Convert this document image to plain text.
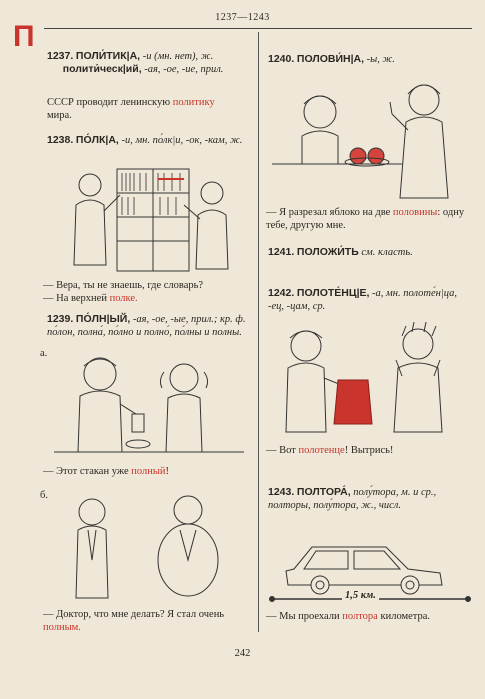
П
1237—1243
1237. ПОЛИ́ТИК|А, -и (мн. нет), ж.
полити́ческ|ий, -ая, -ое, -ие, прил.
СССР проводит ленинскую политику
мира.
1238. ПО́ЛК|А, -и, мн. по́лк|и, -ок, -кам, ж.
— Вера, ты не знаешь, где словарь?
— На верхней полке.
1239. ПО́ЛН|ЫЙ, -ая, -ое, -ые, прил.; кр. ф. по́лон, полна́, по́лно и полно́, по́лны и полны.
а.
— Этот стакан уже полный!
б.
— Доктор, что мне делать? Я стал очень полным.
1240. ПОЛОВИ́Н|А, -ы, ж.
— Я разрезал яблоко на две половины: одну тебе, другую мне.
1241. ПОЛОЖИ́ТЬ см. класть.
1242. ПОЛОТЕ́НЦ|Е, -а, мн. полоте́н|ца, -ец, -цам, ср.
— Вот полотенце! Вытрись!
1243. ПОЛТОРА́, полу́тора, м. и ср., полторы, полу́тора, ж., числ.
1,5 км.
— Мы проехали полтора километра.
242
